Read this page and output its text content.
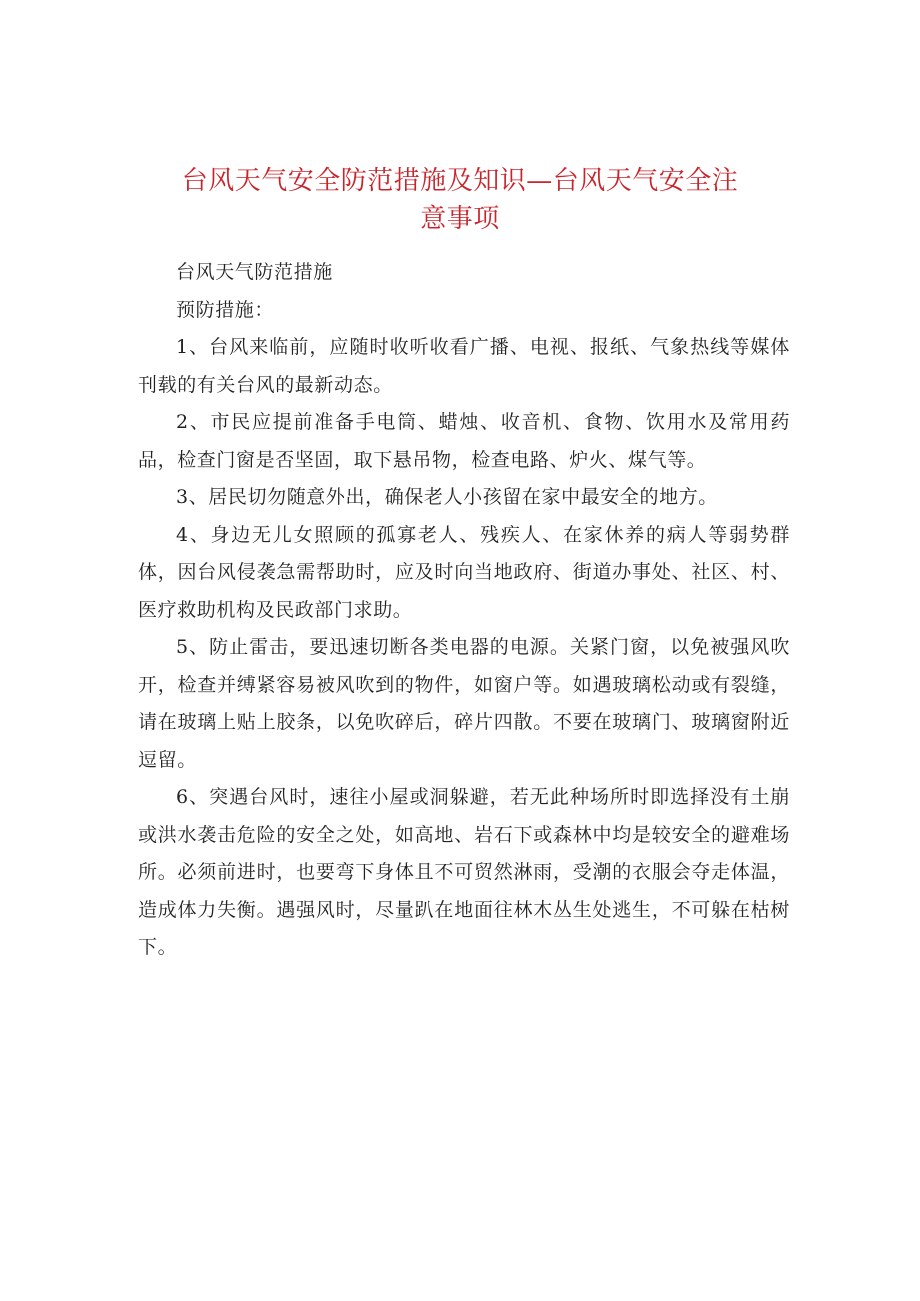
台风天气安全防范措施及知识—台风天气安全注
意事项

台风天气防范措施

预防措施：

1、台风来临前，应随时收听收看广播、电视、报纸、气象热线等媒体刊载的有关台风的最新动态。

2、市民应提前准备手电筒、蜡烛、收音机、食物、饮用水及常用药品，检查门窗是否坚固，取下悬吊物，检查电路、炉火、煤气等。

3、居民切勿随意外出，确保老人小孩留在家中最安全的地方。

4、身边无儿女照顾的孤寡老人、残疾人、在家休养的病人等弱势群体，因台风侵袭急需帮助时，应及时向当地政府、街道办事处、社区、村、医疗救助机构及民政部门求助。

5、防止雷击，要迅速切断各类电器的电源。关紧门窗，以免被强风吹开，检查并缚紧容易被风吹到的物件，如窗户等。如遇玻璃松动或有裂缝，请在玻璃上贴上胶条，以免吹碎后，碎片四散。不要在玻璃门、玻璃窗附近逗留。

6、突遇台风时，速往小屋或洞躲避，若无此种场所时即选择没有土崩或洪水袭击危险的安全之处，如高地、岩石下或森林中均是较安全的避难场所。必须前进时，也要弯下身体且不可贸然淋雨，受潮的衣服会夺走体温，造成体力失衡。遇强风时，尽量趴在地面往林木丛生处逃生，不可躲在枯树下。
